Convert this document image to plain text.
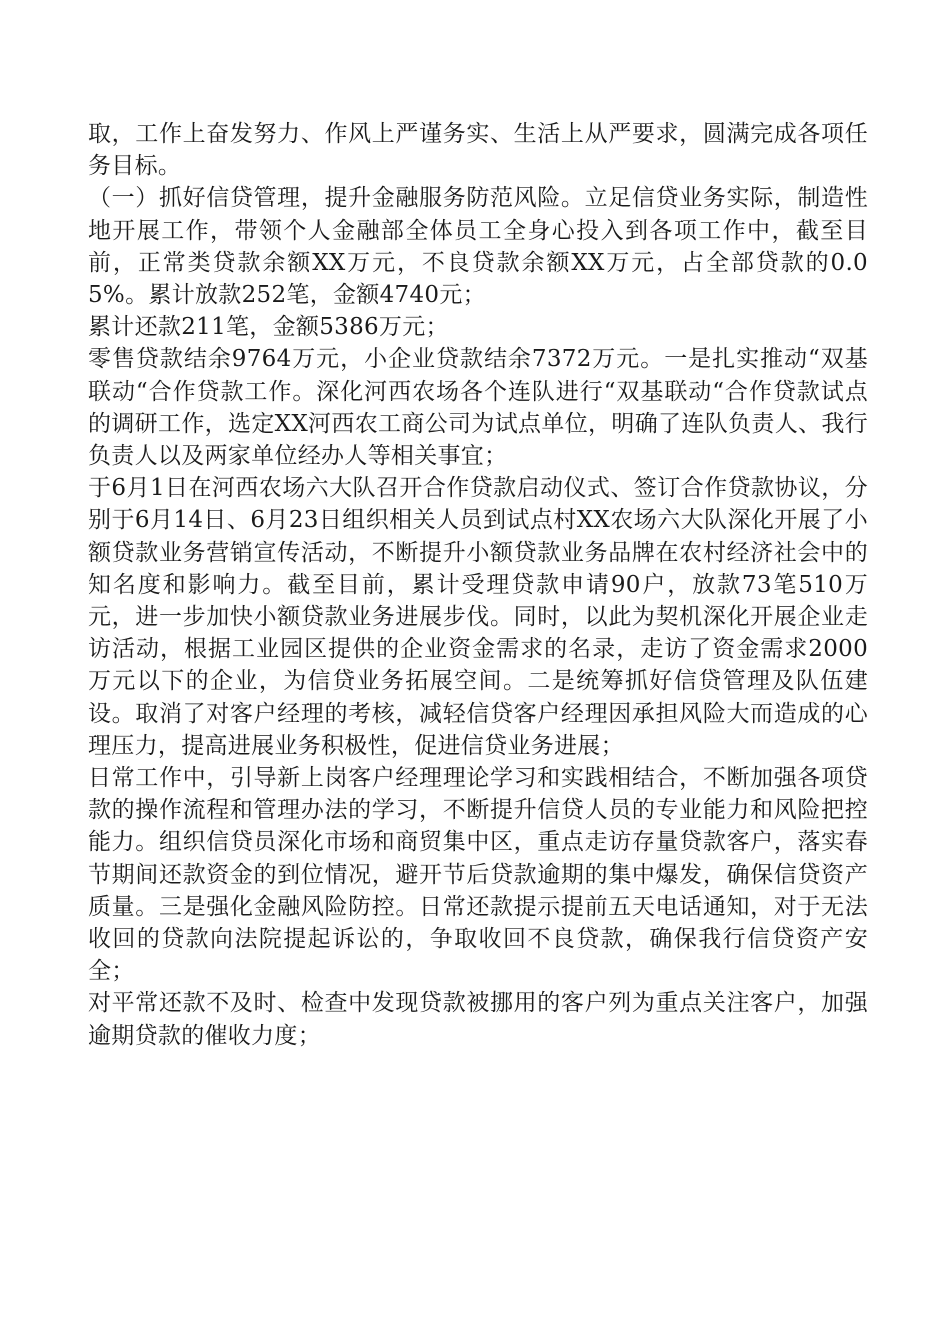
取，工作上奋发努力、作风上严谨务实、生活上从严要求，圆满完成各项任务目标。

（一）抓好信贷管理，提升金融服务防范风险。立足信贷业务实际，制造性地开展工作，带领个人金融部全体员工全身心投入到各项工作中，截至目前，正常类贷款余额XX万元，不良贷款余额XX万元，占全部贷款的0.05%。累计放款252笔，金额4740元；

累计还款211笔，金额5386万元；

零售贷款结余9764万元，小企业贷款结余7372万元。一是扎实推动“双基联动“合作贷款工作。深化河西农场各个连队进行“双基联动“合作贷款试点的调研工作，选定XX河西农工商公司为试点单位，明确了连队负责人、我行负责人以及两家单位经办人等相关事宜；

于6月1日在河西农场六大队召开合作贷款启动仪式、签订合作贷款协议，分别于6月14日、6月23日组织相关人员到试点村XX农场六大队深化开展了小额贷款业务营销宣传活动，不断提升小额贷款业务品牌在农村经济社会中的知名度和影响力。截至目前，累计受理贷款申请90户，放款73笔510万元，进一步加快小额贷款业务进展步伐。同时，以此为契机深化开展企业走访活动，根据工业园区提供的企业资金需求的名录，走访了资金需求2000万元以下的企业，为信贷业务拓展空间。二是统筹抓好信贷管理及队伍建设。取消了对客户经理的考核，减轻信贷客户经理因承担风险大而造成的心理压力，提高进展业务积极性，促进信贷业务进展；

日常工作中，引导新上岗客户经理理论学习和实践相结合，不断加强各项贷款的操作流程和管理办法的学习，不断提升信贷人员的专业能力和风险把控能力。组织信贷员深化市场和商贸集中区，重点走访存量贷款客户，落实春节期间还款资金的到位情况，避开节后贷款逾期的集中爆发，确保信贷资产质量。三是强化金融风险防控。日常还款提示提前五天电话通知，对于无法收回的贷款向法院提起诉讼的，争取收回不良贷款，确保我行信贷资产安全；

对平常还款不及时、检查中发现贷款被挪用的客户列为重点关注客户，加强逾期贷款的催收力度；
